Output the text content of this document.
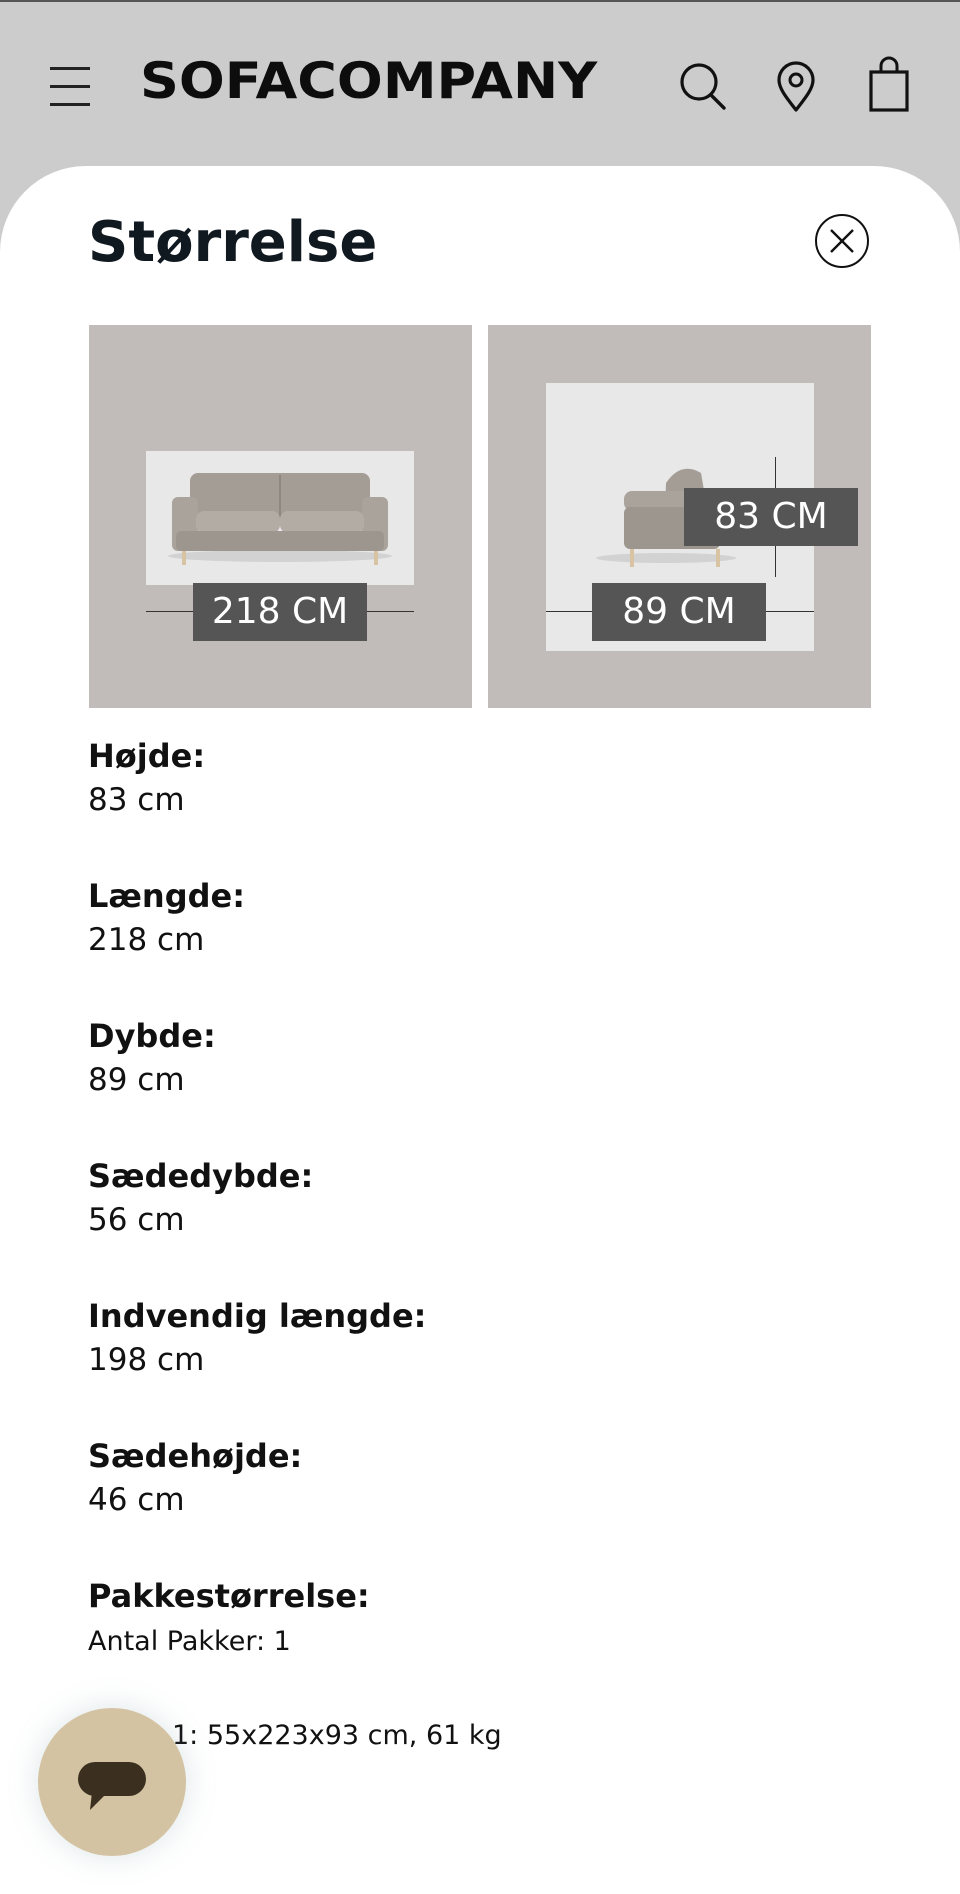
SOFACOMPANY
Størrelse
218 CM
83 CM
89 CM
Højde:
83 cm
Længde:
218 cm
Dybde:
89 cm
Sædedybde:
56 cm
Indvendig længde:
198 cm
Sædehøjde:
46 cm
Pakkestørrelse:
Antal Pakker: 1
1: 55x223x93 cm, 61 kg
